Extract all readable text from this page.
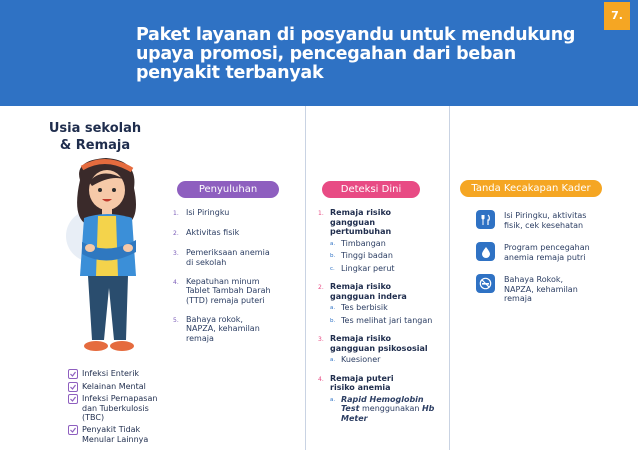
Paket layanan di posyandu untuk mendukung upaya promosi, pencegahan dari beban penyakit terbanyak
7.
Usia sekolah
& Remaja
Infeksi Enterik
Kelainan Mental
Infeksi Pernapasan dan Tuberkulosis (TBC)
Penyakit Tidak Menular Lainnya
Penyuluhan	Deteksi Dini	Tanda Kecakapan Kader
1. Isi Piringku
2. Aktivitas fisik
3. Pemeriksaan anemia di sekolah
4. Kepatuhan minum Tablet Tambah Darah (TTD) remaja puteri
5. Bahaya rokok, NAPZA, kehamilan remaja
1. Remaja risiko gangguan pertumbuhan
a. Timbangan
b. Tinggi badan
c. Lingkar perut
2. Remaja risiko gangguan indera
a. Tes berbisik
b. Tes melihat jari tangan
3. Remaja risiko gangguan psikososial
a. Kuesioner
4. Remaja puteri risiko anemia
a. Rapid Hemoglobin Test menggunakan Hb Meter
Isi Piringku, aktivitas fisik, cek kesehatan
Program pencegahan anemia remaja putri
Bahaya Rokok, NAPZA, kehamilan remaja
